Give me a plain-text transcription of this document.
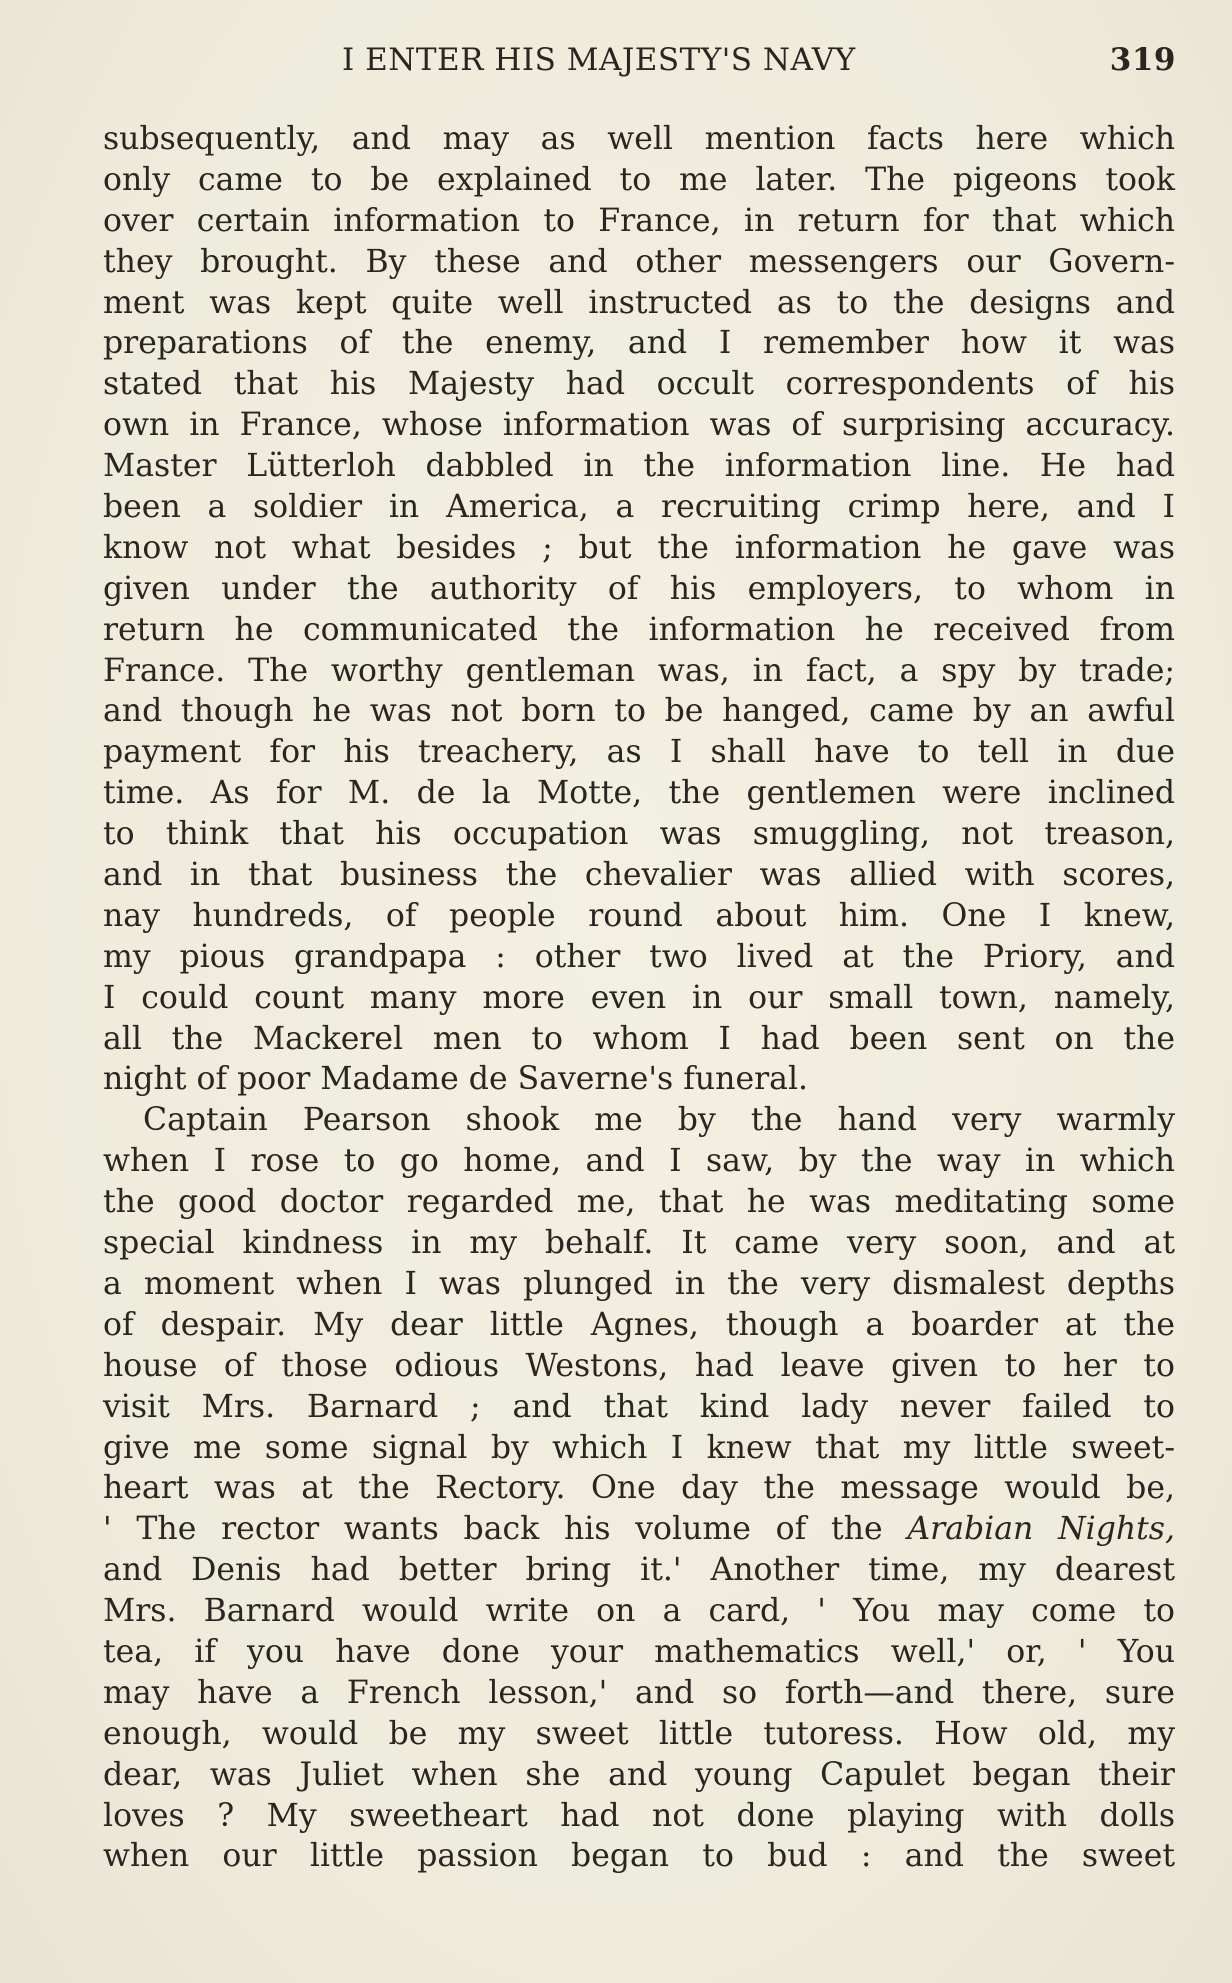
I ENTER HIS MAJESTY'S NAVY	319
subsequently, and may as well mention facts here which
only came to be explained to me later. The pigeons took
over certain information to France, in return for that which
they brought. By these and other messengers our Govern-
ment was kept quite well instructed as to the designs and
preparations of the enemy, and I remember how it was
stated that his Majesty had occult correspondents of his
own in France, whose information was of surprising accuracy.
Master Lütterloh dabbled in the information line. He had
been a soldier in America, a recruiting crimp here, and I
know not what besides ; but the information he gave was
given under the authority of his employers, to whom in
return he communicated the information he received from
France. The worthy gentleman was, in fact, a spy by trade;
and though he was not born to be hanged, came by an awful
payment for his treachery, as I shall have to tell in due
time. As for M. de la Motte, the gentlemen were inclined
to think that his occupation was smuggling, not treason,
and in that business the chevalier was allied with scores,
nay hundreds, of people round about him. One I knew,
my pious grandpapa : other two lived at the Priory, and
I could count many more even in our small town, namely,
all the Mackerel men to whom I had been sent on the
night of poor Madame de Saverne's funeral.
Captain Pearson shook me by the hand very warmly
when I rose to go home, and I saw, by the way in which
the good doctor regarded me, that he was meditating some
special kindness in my behalf. It came very soon, and at
a moment when I was plunged in the very dismalest depths
of despair. My dear little Agnes, though a boarder at the
house of those odious Westons, had leave given to her to
visit Mrs. Barnard ; and that kind lady never failed to
give me some signal by which I knew that my little sweet-
heart was at the Rectory. One day the message would be,
' The rector wants back his volume of the Arabian Nights,
and Denis had better bring it.' Another time, my dearest
Mrs. Barnard would write on a card, ' You may come to
tea, if you have done your mathematics well,' or, ' You
may have a French lesson,' and so forth—and there, sure
enough, would be my sweet little tutoress. How old, my
dear, was Juliet when she and young Capulet began their
loves ? My sweetheart had not done playing with dolls
when our little passion began to bud : and the sweet
